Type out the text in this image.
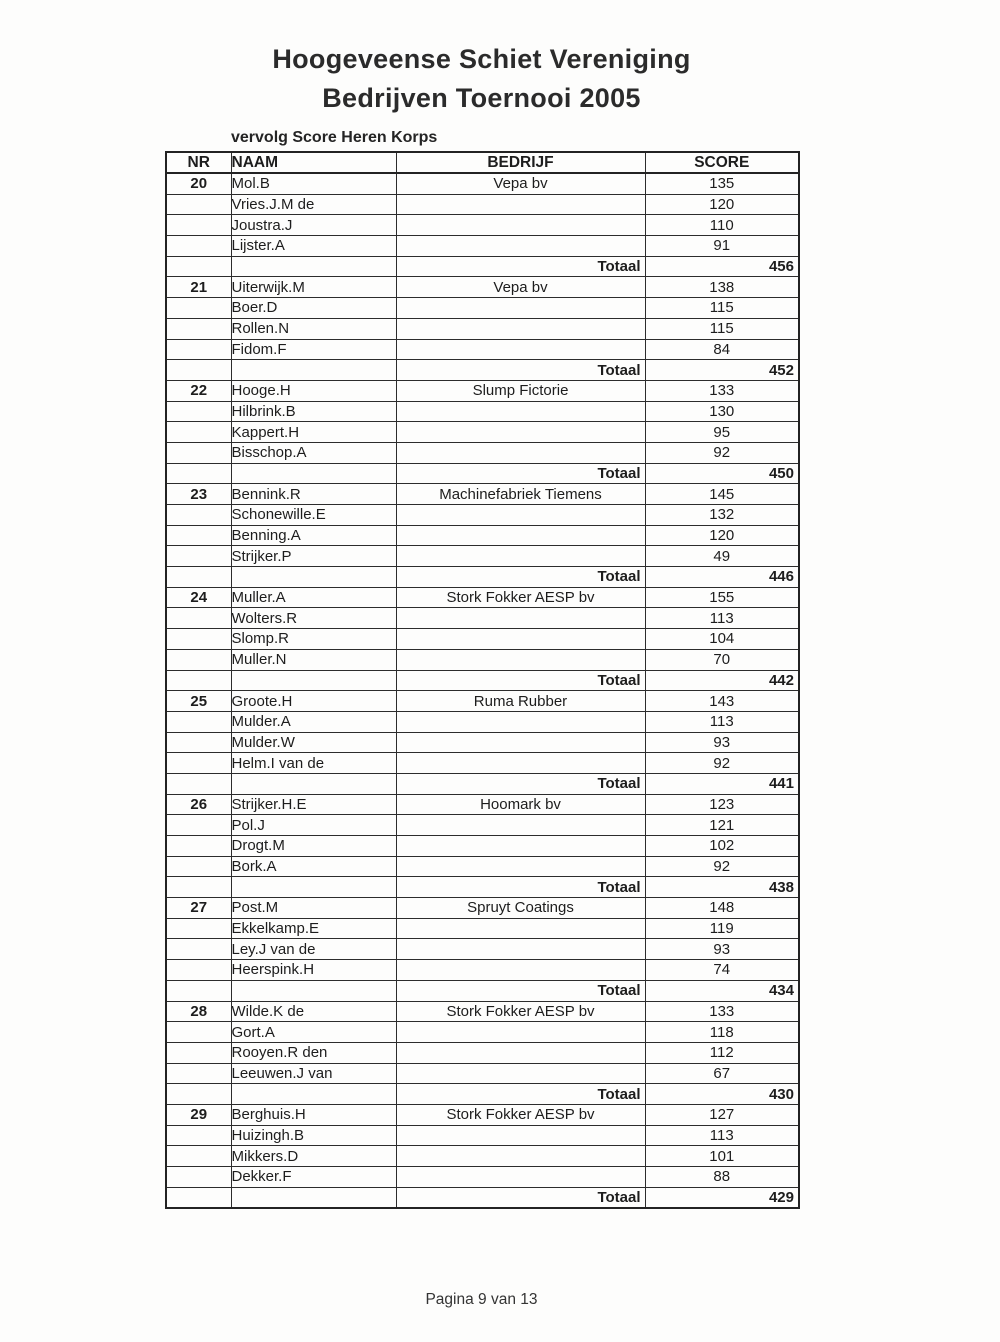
Hoogeveense Schiet Vereniging
Bedrijven Toernooi 2005
vervolg Score Heren Korps
NR	NAAM	BEDRIJF	SCORE
20	Mol.B	Vepa bv	135
	Vries.J.M de		120
	Joustra.J		110
	Lijster.A		91
		Totaal	456
21	Uiterwijk.M	Vepa bv	138
	Boer.D		115
	Rollen.N		115
	Fidom.F		84
		Totaal	452
22	Hooge.H	Slump Fictorie	133
	Hilbrink.B		130
	Kappert.H		95
	Bisschop.A		92
		Totaal	450
23	Bennink.R	Machinefabriek Tiemens	145
	Schonewille.E		132
	Benning.A		120
	Strijker.P		49
		Totaal	446
24	Muller.A	Stork Fokker AESP bv	155
	Wolters.R		113
	Slomp.R		104
	Muller.N		70
		Totaal	442
25	Groote.H	Ruma Rubber	143
	Mulder.A		113
	Mulder.W		93
	Helm.I van de		92
		Totaal	441
26	Strijker.H.E	Hoomark bv	123
	Pol.J		121
	Drogt.M		102
	Bork.A		92
		Totaal	438
27	Post.M	Spruyt Coatings	148
	Ekkelkamp.E		119
	Ley.J van de		93
	Heerspink.H		74
		Totaal	434
28	Wilde.K de	Stork Fokker AESP bv	133
	Gort.A		118
	Rooyen.R den		112
	Leeuwen.J van		67
		Totaal	430
29	Berghuis.H	Stork Fokker AESP bv	127
	Huizingh.B		113
	Mikkers.D		101
	Dekker.F		88
		Totaal	429
Pagina 9 van 13
